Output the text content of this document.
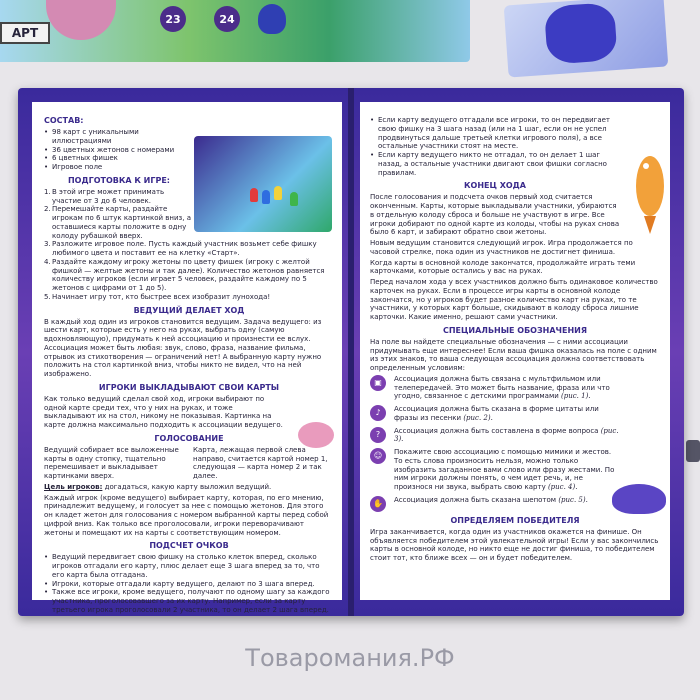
АРТ
23	24
СОСТАВ:
• 98 карт с уникальными иллюстрациями
• 36 цветных жетонов с номерами
• 6 цветных фишек
• Игровое поле
ПОДГОТОВКА К ИГРЕ:
1. В этой игре может принимать участие от 3 до 6 человек.
2. Перемешайте карты, раздайте игрокам по 6 штук картинкой вниз, а оставшиеся карты положите в одну колоду рубашкой вверх.
3. Разложите игровое поле. Пусть каждый участник возьмет себе фишку любимого цвета и поставит ее на клетку «Старт».
4. Раздайте каждому игроку жетоны по цвету фишек (игроку с желтой фишкой — желтые жетоны и так далее). Количество жетонов равняется количеству игроков (если играет 5 человек, раздайте каждому по 5 жетонов с цифрами от 1 до 5).
5. Начинает игру тот, кто быстрее всех изобразит лунохода!
ВЕДУЩИЙ ДЕЛАЕТ ХОД
В каждый ход один из игроков становится ведущим. Задача ведущего: из шести карт, которые есть у него на руках, выбрать одну (самую вдохновляющую), придумать к ней ассоциацию и произнести ее вслух. Ассоциация может быть любая: звук, слово, фраза, название фильма, отрывок из стихотворения — ограничений нет! А выбранную карту нужно положить на стол картинкой вниз, чтобы никто не видел, что на ней изображено.
ИГРОКИ ВЫКЛАДЫВАЮТ СВОИ КАРТЫ
Как только ведущий сделал свой ход, игроки выбирают по одной карте среди тех, что у них на руках, и тоже выкладывают их на стол, никому не показывая. Картинка на карте должна максимально подходить к ассоциации ведущего.
ГОЛОСОВАНИЕ
Ведущий собирает все выложенные карты в одну стопку, тщательно перемешивает и выкладывает картинками вверх.
Карта, лежащая первой слева направо, считается картой номер 1, следующая — карта номер 2 и так далее.
Цель игроков: догадаться, какую карту выложил ведущий.
Каждый игрок (кроме ведущего) выбирает карту, которая, по его мнению, принадлежит ведущему, и голосует за нее с помощью жетонов. Для этого он кладет жетон для голосования с номером выбранной карты перед собой цифрой вниз. Как только все проголосовали, игроки переворачивают жетоны и помещают их на карты с соответствующим номером.
ПОДСЧЕТ ОЧКОВ
• Ведущий передвигает свою фишку на столько клеток вперед, сколько игроков отгадали его карту, плюс делает еще 3 шага вперед за то, что его карта была отгадана.
• Игроки, которые отгадали карту ведущего, делают по 3 шага вперед.
• Также все игроки, кроме ведущего, получают по одному шагу за каждого участника, проголосовавшего за их карту. Например, если за карту третьего игрока проголосовали 2 участника, то он делает 2 шага вперед.
• Если карту ведущего отгадали все игроки, то он передвигает свою фишку на 3 шага назад (или на 1 шаг, если он не успел продвинуться дальше третьей клетки игрового поля), а все остальные участники стоят на месте.
• Если карту ведущего никто не отгадал, то он делает 1 шаг назад, а остальные участники двигают свои фишки согласно правилам.
КОНЕЦ ХОДА
После голосования и подсчета очков первый ход считается оконченным. Карты, которые выкладывали участники, убираются в отдельную колоду сброса и больше не участвуют в игре. Все игроки добирают по одной карте из колоды, чтобы на руках снова было 6 карт, и забирают обратно свои жетоны.
Новым ведущим становится следующий игрок. Игра продолжается по часовой стрелке, пока один из участников не достигнет финиша.
Когда карты в основной колоде закончатся, продолжайте играть теми карточками, которые остались у вас на руках.
Перед началом хода у всех участников должно быть одинаковое количество карточек на руках. Если в процессе игры карты в основной колоде закончатся, но у игроков будет разное количество карт на руках, то те участники, у которых карт больше, скидывают в колоду сброса лишние карточки. Какие именно, решают сами участники.
СПЕЦИАЛЬНЫЕ ОБОЗНАЧЕНИЯ
На поле вы найдете специальные обозначения — с ними ассоциации придумывать еще интереснее! Если ваша фишка оказалась на поле с одним из этих знаков, то ваша следующая ассоциация должна соответствовать определенным условиям:
▣	Ассоциация должна быть связана с мультфильмом или телепередачей. Это может быть название, фраза или что угодно, связанное с детскими программами (рис. 1).
♪	Ассоциация должна быть сказана в форме цитаты или фразы из песенки (рис. 2).
?	Ассоциация должна быть составлена в форме вопроса (рис. 3).
☺	Покажите свою ассоциацию с помощью мимики и жестов. То есть слова произносить нельзя, можно только изобразить загаданное вами слово или фразу жестами. По ним игроки должны понять, о чем идет речь, и, не произнося ни звука, выбрать свою карту (рис. 4).
✋	Ассоциация должна быть сказана шепотом (рис. 5).
ОПРЕДЕЛЯЕМ ПОБЕДИТЕЛЯ
Игра заканчивается, когда один из участников окажется на финише. Он объявляется победителем этой увлекательной игры! Если у вас закончились карты в основной колоде, но никто еще не достиг финиша, то победителем стоит тот, кто ближе всех — он и будет победителем.
Товаромания.РФ
